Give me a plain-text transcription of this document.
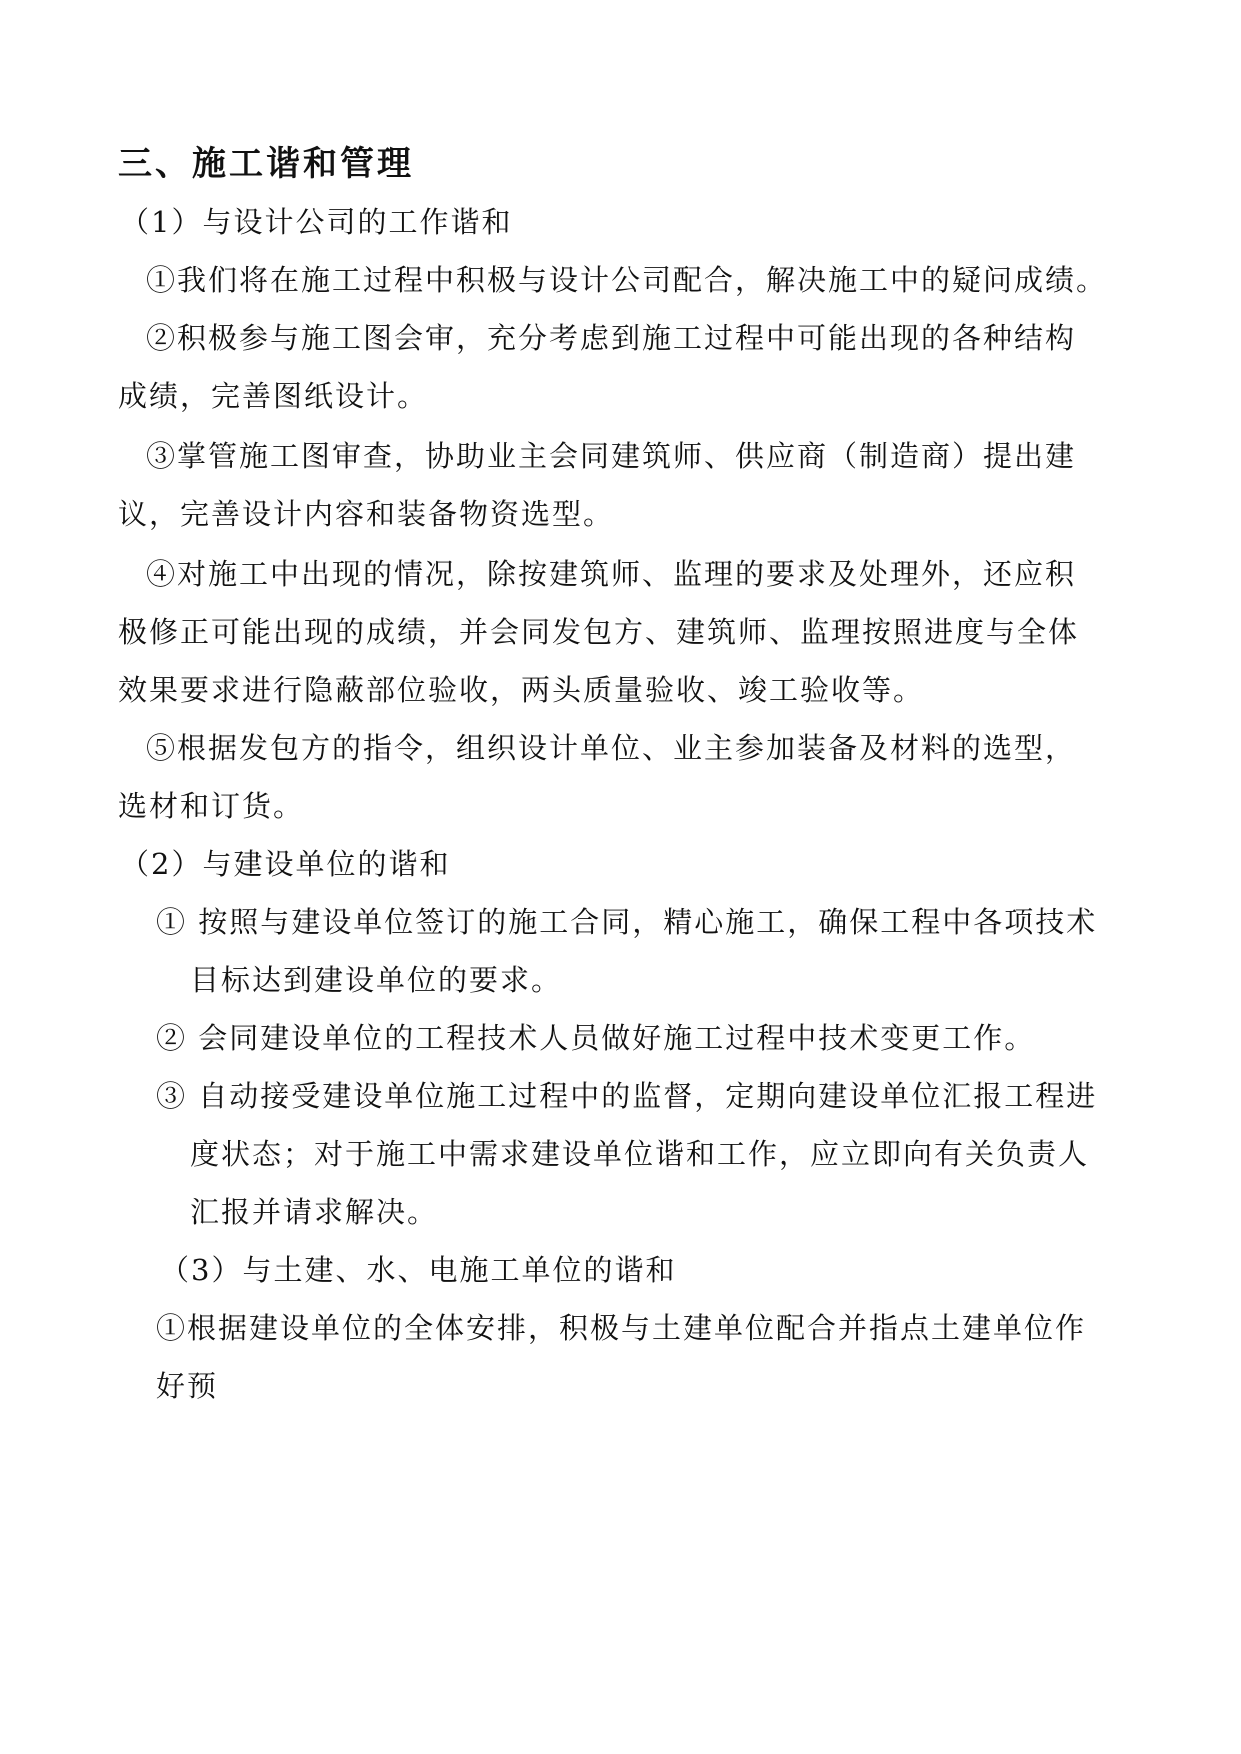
三、施工谐和管理
（1）与设计公司的工作谐和
①我们将在施工过程中积极与设计公司配合，解决施工中的疑问成绩。
②积极参与施工图会审，充分考虑到施工过程中可能出现的各种结构
成绩，完善图纸设计。
③掌管施工图审查，协助业主会同建筑师、供应商（制造商）提出建
议，完善设计内容和装备物资选型。
④对施工中出现的情况，除按建筑师、监理的要求及处理外，还应积
极修正可能出现的成绩，并会同发包方、建筑师、监理按照进度与全体
效果要求进行隐蔽部位验收，两头质量验收、竣工验收等。
⑤根据发包方的指令，组织设计单位、业主参加装备及材料的选型，
选材和订货。
（2）与建设单位的谐和
① 按照与建设单位签订的施工合同，精心施工，确保工程中各项技术
目标达到建设单位的要求。
② 会同建设单位的工程技术人员做好施工过程中技术变更工作。
③ 自动接受建设单位施工过程中的监督，定期向建设单位汇报工程进
度状态；对于施工中需求建设单位谐和工作，应立即向有关负责人
汇报并请求解决。
（3）与土建、水、电施工单位的谐和
①根据建设单位的全体安排，积极与土建单位配合并指点土建单位作
好预
